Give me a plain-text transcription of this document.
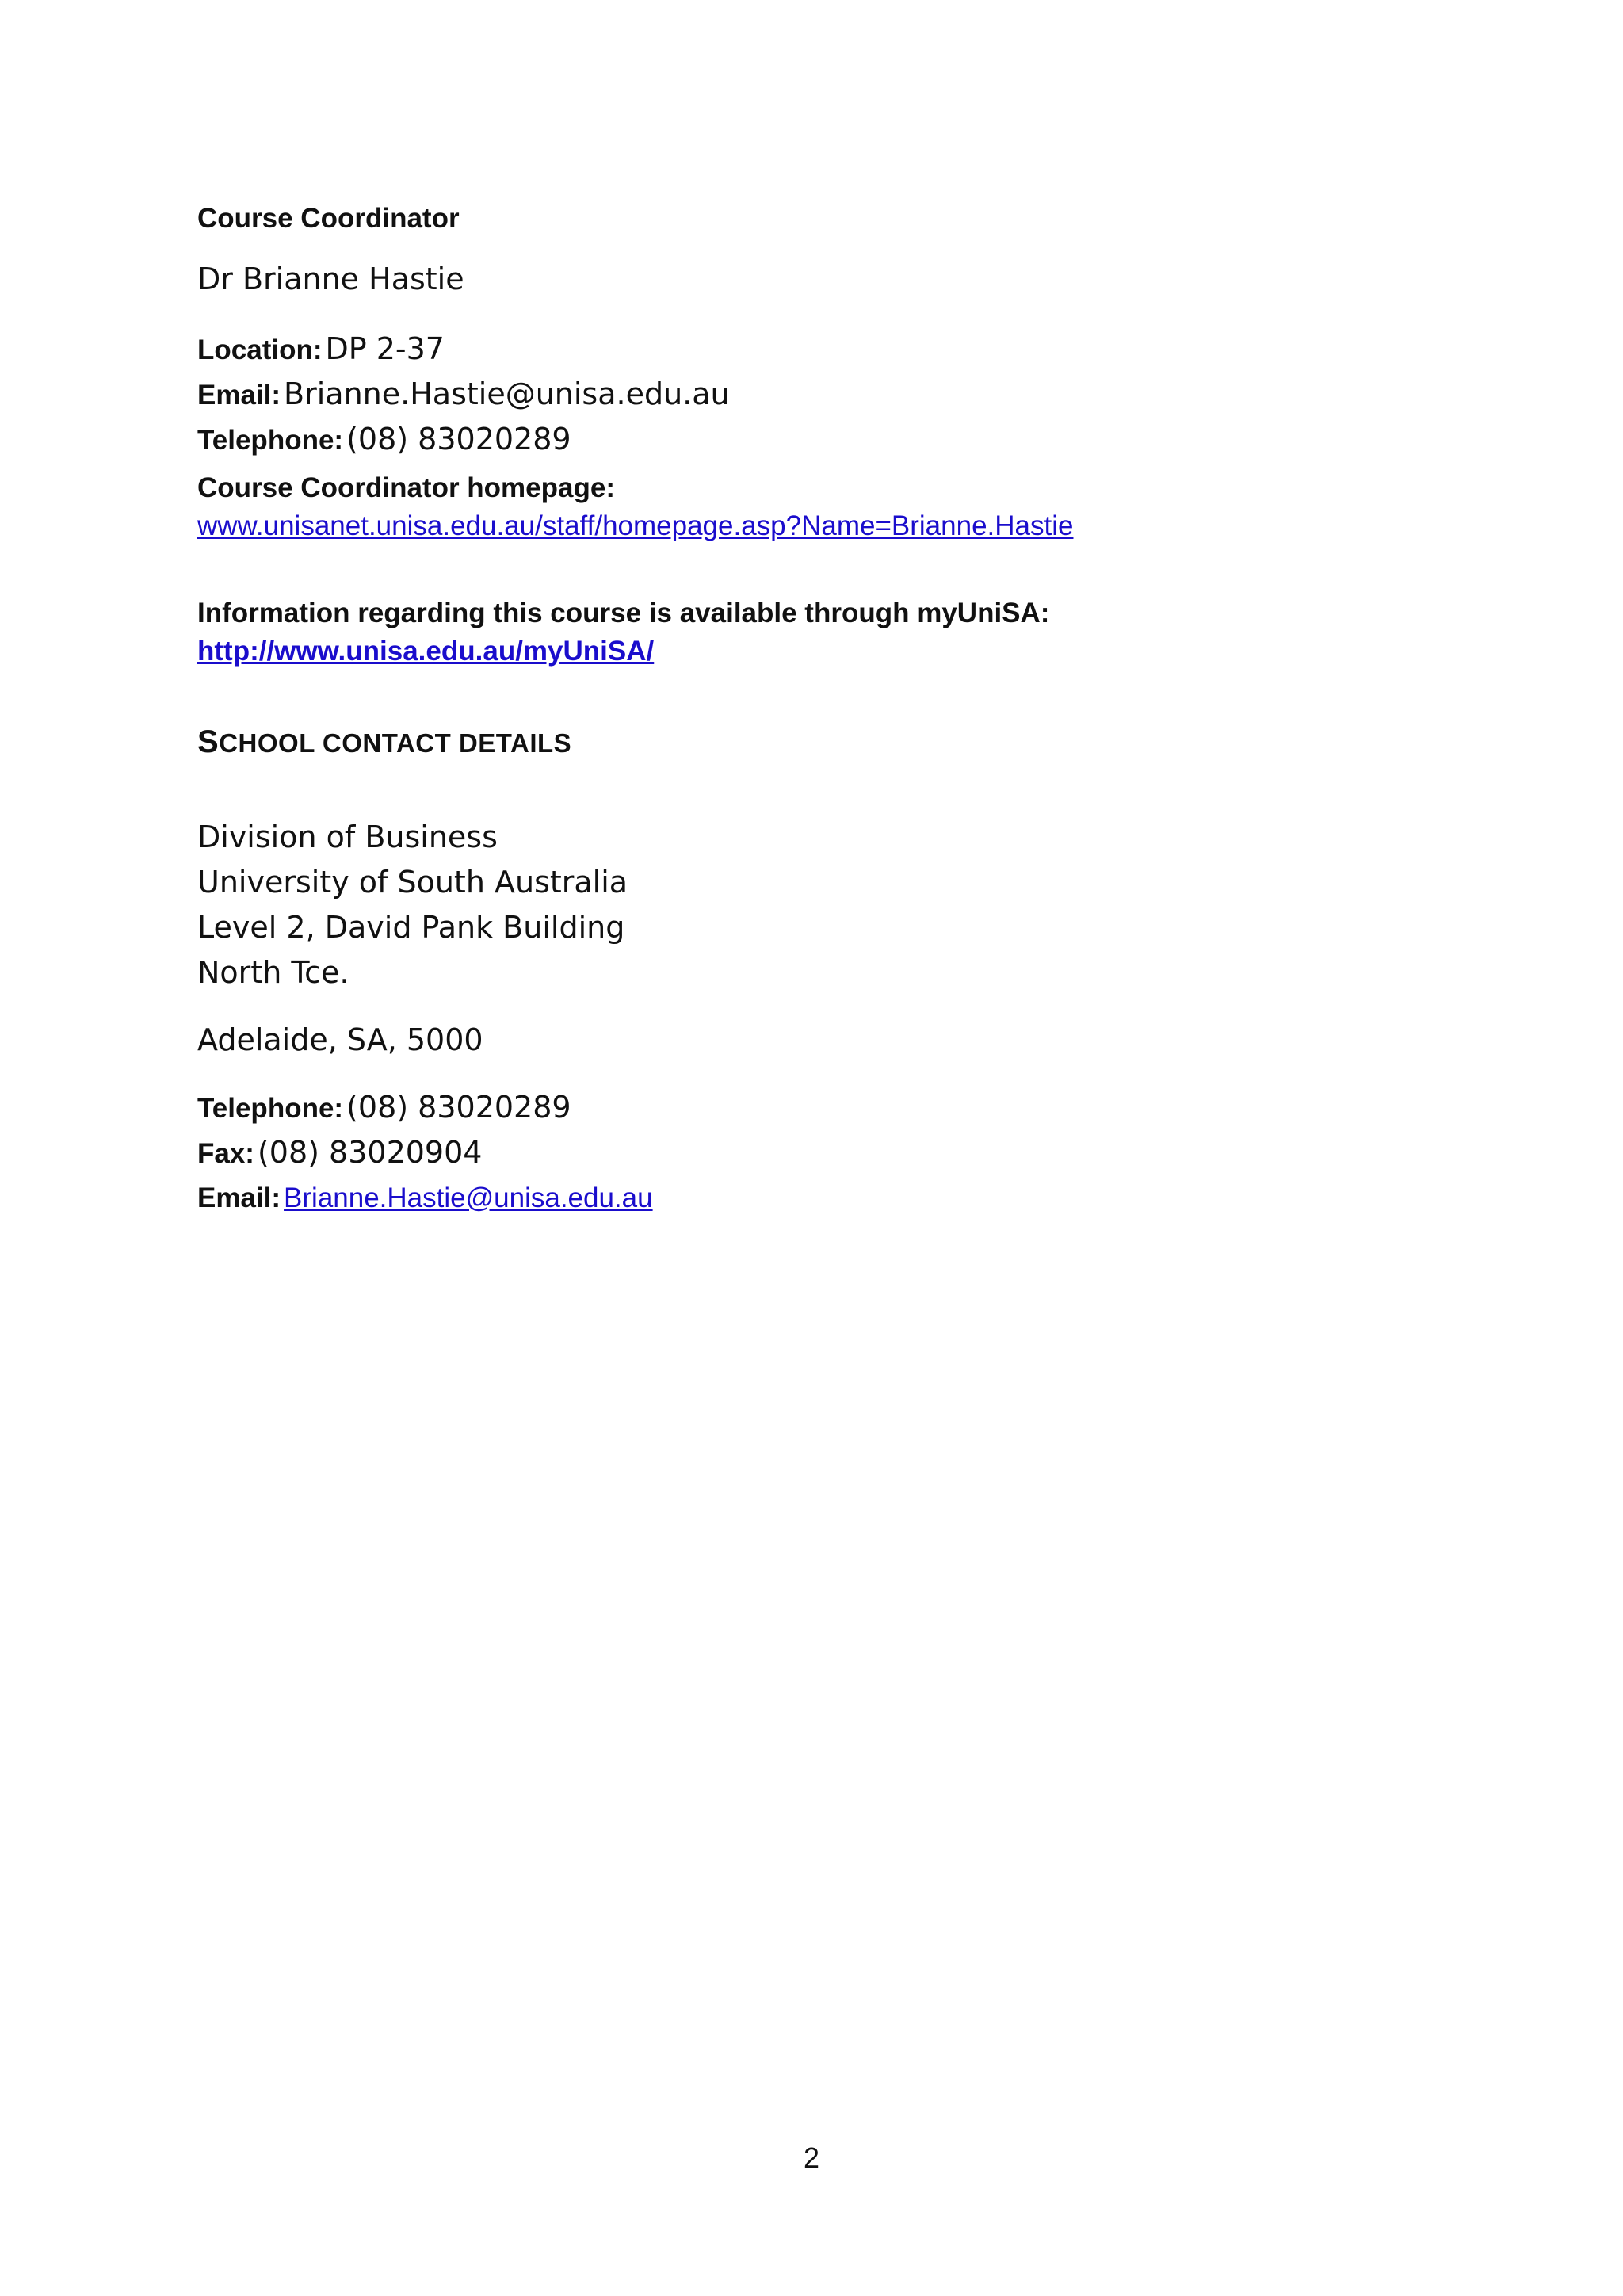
Course Coordinator
Dr Brianne Hastie
Location: DP 2-37
Email: Brianne.Hastie@unisa.edu.au
Telephone: (08) 83020289
Course Coordinator homepage:
www.unisanet.unisa.edu.au/staff/homepage.asp?Name=Brianne.Hastie
Information regarding this course is available through myUniSA:
http://www.unisa.edu.au/myUniSA/
SCHOOL CONTACT DETAILS
Division of Business
University of South Australia
Level 2, David Pank Building
North Tce.
Adelaide, SA, 5000
Telephone: (08) 83020289
Fax: (08) 83020904
Email: Brianne.Hastie@unisa.edu.au
2
